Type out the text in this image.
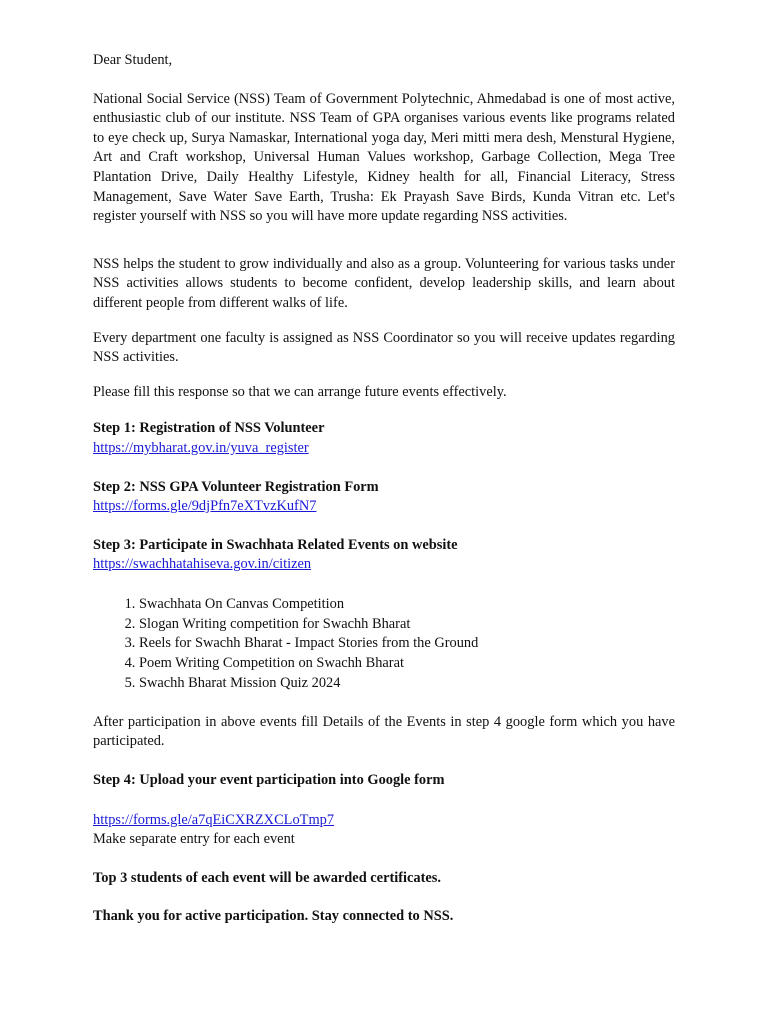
Dear Student,

National Social Service (NSS) Team of Government Polytechnic, Ahmedabad is one of most active, enthusiastic club of our institute. NSS Team of GPA organises various events like programs related to eye check up, Surya Namaskar, International yoga day, Meri mitti mera desh, Menstural Hygiene, Art and Craft workshop, Universal Human Values workshop, Garbage Collection, Mega Tree Plantation Drive, Daily Healthy Lifestyle, Kidney health for all, Financial Literacy, Stress Management, Save Water Save Earth, Trusha: Ek Prayash Save Birds, Kunda Vitran etc. Let's register yourself with NSS so you will have more update regarding NSS activities.

NSS helps the student to grow individually and also as a group. Volunteering for various tasks under NSS activities allows students to become confident, develop leadership skills, and learn about different people from different walks of life.

Every department one faculty is assigned as NSS Coordinator so you will receive updates regarding NSS activities.

Please fill this response so that we can arrange future events effectively.

Step 1: Registration of NSS Volunteer
https://mybharat.gov.in/yuva_register
Step 2: NSS GPA Volunteer Registration Form
https://forms.gle/9djPfn7eXTvzKufN7
Step 3: Participate in Swachhata Related Events on website
https://swachhatahiseva.gov.in/citizen
1. Swachhata On Canvas Competition
2. Slogan Writing competition for Swachh Bharat
3. Reels for Swachh Bharat - Impact Stories from the Ground
4. Poem Writing Competition on Swachh Bharat
5. Swachh Bharat Mission Quiz 2024

After participation in above events fill Details of the Events in step 4 google form which you have participated.

Step 4: Upload your event participation into Google form
https://forms.gle/a7qEiCXRZXCLoTmp7
Make separate entry for each event

Top 3 students of each event will be awarded certificates.

Thank you for active participation. Stay connected to NSS.
